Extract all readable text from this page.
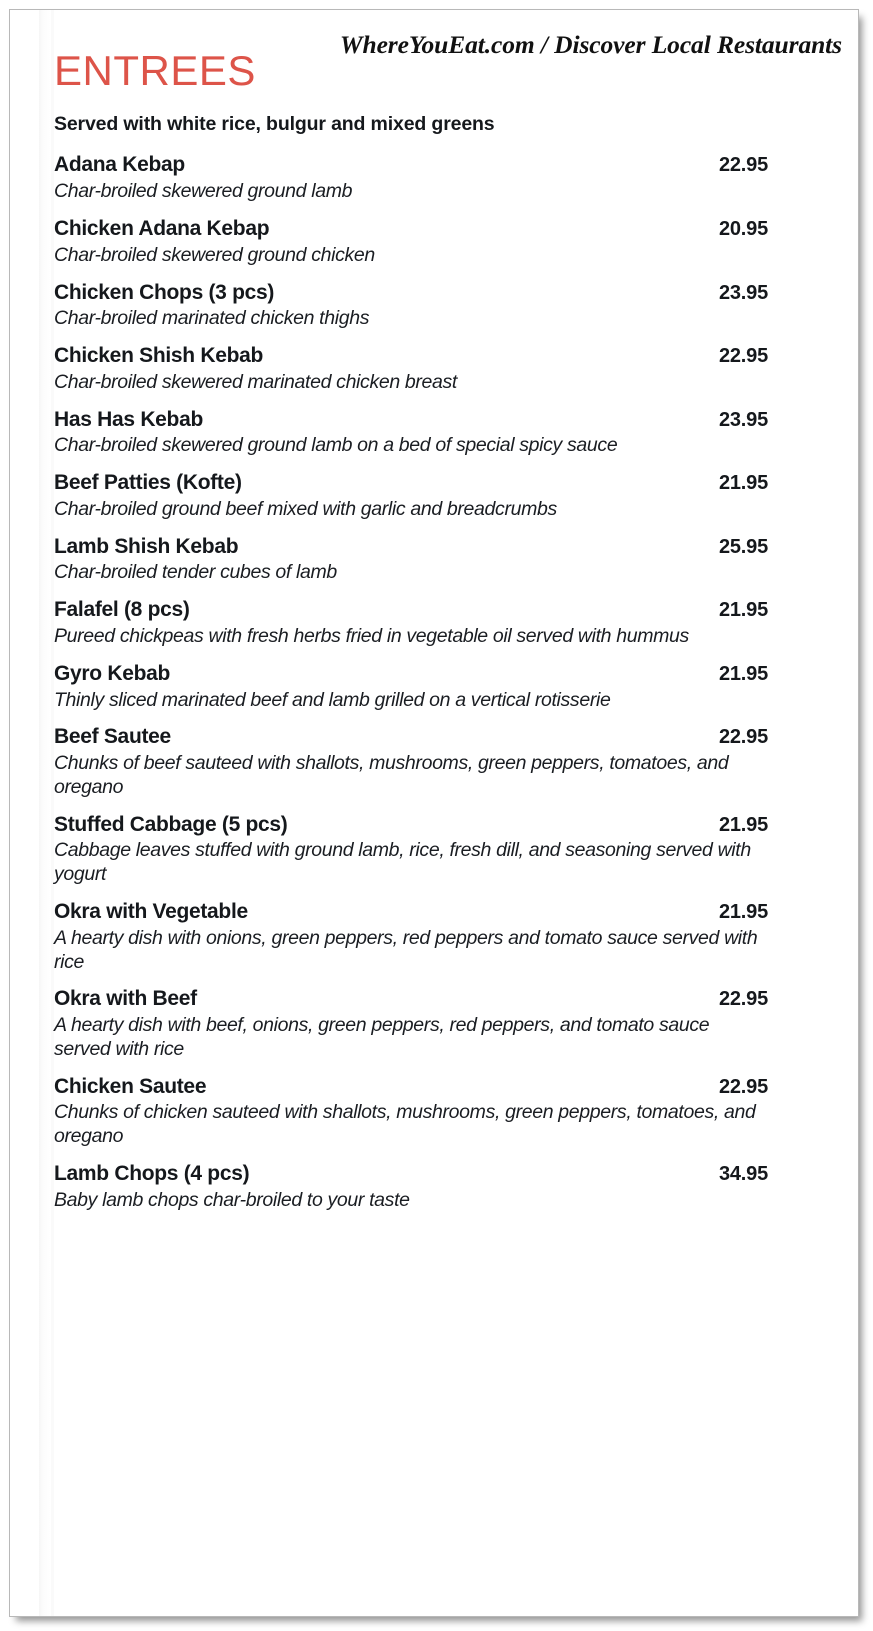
WhereYouEat.com / Discover Local Restaurants
ENTREES
Served with white rice, bulgur and mixed greens
Adana Kebap	22.95
Char-broiled skewered ground lamb
Chicken Adana Kebap	20.95
Char-broiled skewered ground chicken
Chicken Chops (3 pcs)	23.95
Char-broiled marinated chicken thighs
Chicken Shish Kebab	22.95
Char-broiled skewered marinated chicken breast
Has Has Kebab	23.95
Char-broiled skewered ground lamb on a bed of special spicy sauce
Beef Patties (Kofte)	21.95
Char-broiled ground beef mixed with garlic and breadcrumbs
Lamb Shish Kebab	25.95
Char-broiled tender cubes of lamb
Falafel (8 pcs)	21.95
Pureed chickpeas with fresh herbs fried in vegetable oil served with hummus
Gyro Kebab	21.95
Thinly sliced marinated beef and lamb grilled on a vertical rotisserie
Beef Sautee	22.95
Chunks of beef sauteed with shallots, mushrooms, green peppers, tomatoes, and oregano
Stuffed Cabbage (5 pcs)	21.95
Cabbage leaves stuffed with ground lamb, rice, fresh dill, and seasoning served with yogurt
Okra with Vegetable	21.95
A hearty dish with onions, green peppers, red peppers and tomato sauce served with rice
Okra with Beef	22.95
A hearty dish with beef, onions, green peppers, red peppers, and tomato sauce served with rice
Chicken Sautee	22.95
Chunks of chicken sauteed with shallots, mushrooms, green peppers, tomatoes, and oregano
Lamb Chops (4 pcs)	34.95
Baby lamb chops char-broiled to your taste
